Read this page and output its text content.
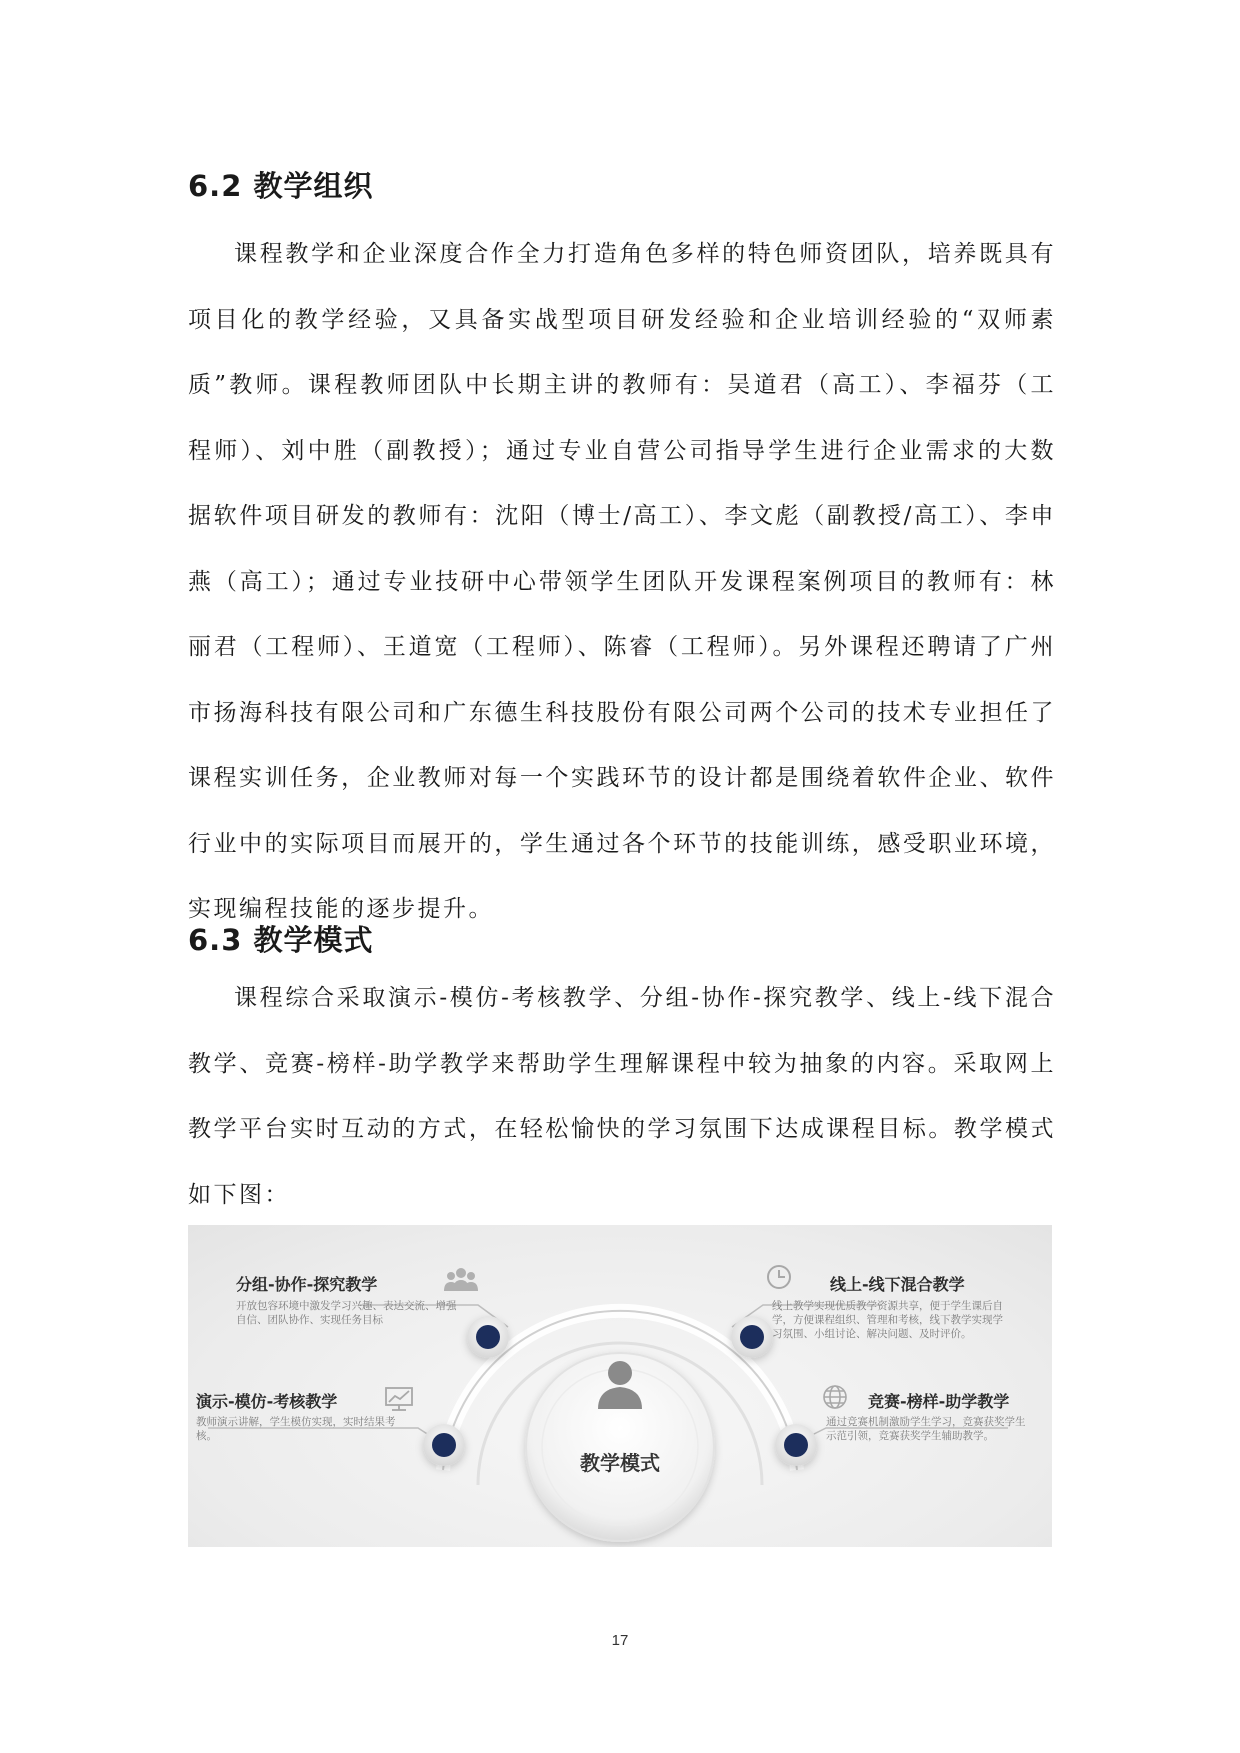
6.2 教学组织

课程教学和企业深度合作全力打造角色多样的特色师资团队，培养既具有项目化的教学经验，又具备实战型项目研发经验和企业培训经验的“双师素质”教师。课程教师团队中长期主讲的教师有：吴道君（高工）、李福芬（工程师）、刘中胜（副教授）；通过专业自营公司指导学生进行企业需求的大数据软件项目研发的教师有：沈阳（博士/高工）、李文彪（副教授/高工）、李申燕（高工）；通过专业技研中心带领学生团队开发课程案例项目的教师有：林丽君（工程师）、王道宽（工程师）、陈睿（工程师）。另外课程还聘请了广州市扬海科技有限公司和广东德生科技股份有限公司两个公司的技术专业担任了课程实训任务，企业教师对每一个实践环节的设计都是围绕着软件企业、软件行业中的实际项目而展开的，学生通过各个环节的技能训练，感受职业环境，实现编程技能的逐步提升。

6.3 教学模式

课程综合采取演示-模仿-考核教学、分组-协作-探究教学、线上-线下混合教学、竞赛-榜样-助学教学来帮助学生理解课程中较为抽象的内容。采取网上教学平台实时互动的方式，在轻松愉快的学习氛围下达成课程目标。教学模式如下图：

分组-协作-探究教学
开放包容环境中激发学习兴趣、表达交流、增强自信、团队协作、实现任务目标
线上-线下混合教学
线上教学实现优质教学资源共享，便于学生课后自学，方便课程组织、管理和考核，线下教学实现学习氛围、小组讨论、解决问题、及时评价。
演示-模仿-考核教学
教师演示讲解，学生模仿实现，实时结果考核。
竞赛-榜样-助学教学
通过竞赛机制激励学生学习，竞赛获奖学生示范引领，竞赛获奖学生辅助教学。
教学模式
17
